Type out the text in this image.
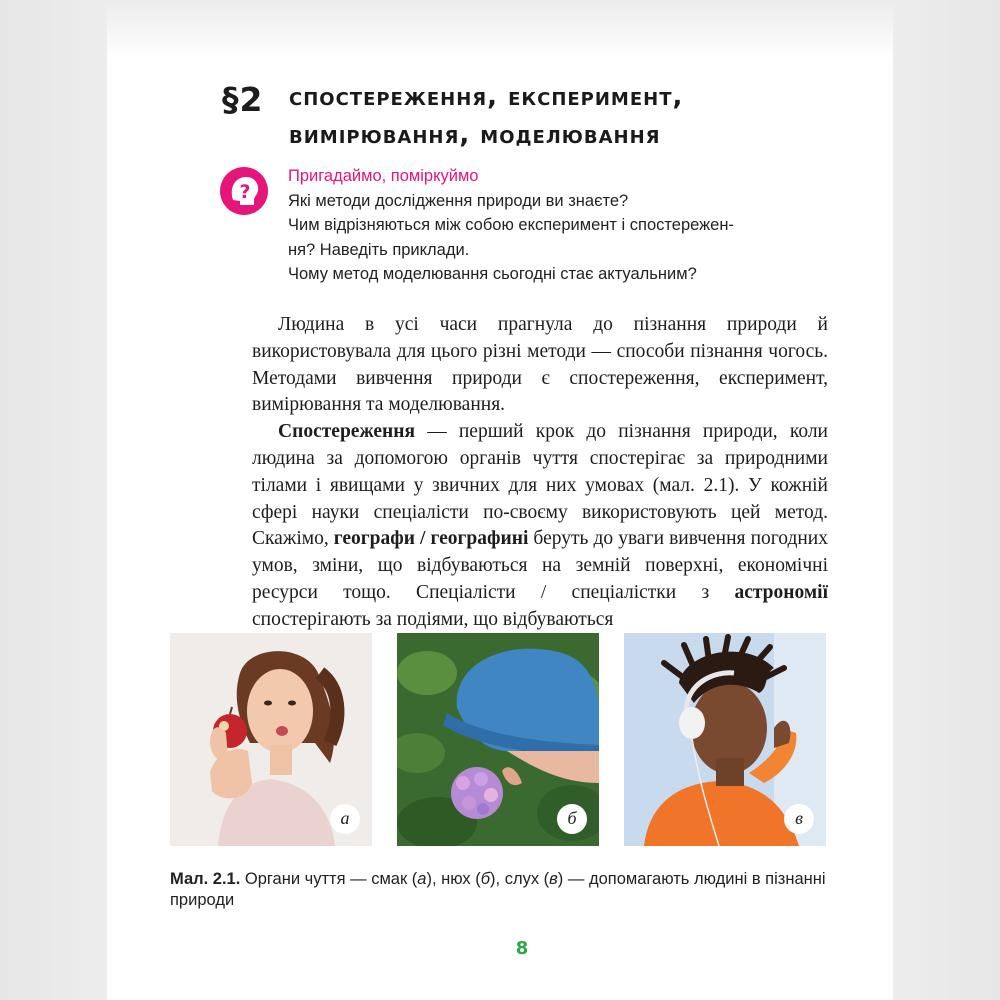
§2 спостереження, експеримент,
вимірювання, моделювання
?
Пригадаймо, поміркуймо
Які методи дослідження природи ви знаєте?
Чим відрізняються між собою експеримент і спостережен-
ня? Наведіть приклади.
Чому метод моделювання сьогодні стає актуальним?

Людина в усі часи прагнула до пізнання природи й використовувала для цього різні методи — способи пізнання чогось. Методами вивчення природи є спостереження, експеримент, вимірювання та моделювання.

Спостереження — перший крок до пізнання природи, коли людина за допомогою органів чуття спостерігає за природними тілами і явищами у звичних для них умовах (мал. 2.1). У кожній сфері науки спеціалісти по-своєму використовують цей метод. Скажімо, географи / географині беруть до уваги вивчення погодних умов, зміни, що відбуваються на земній поверхні, економічні ресурси тощо. Спеціалісти / спеціалістки з астрономії спостерігають за подіями, що відбуваються

а	б	в
Мал. 2.1. Органи чуття — смак (а), нюх (б), слух (в) — допомагають людині в пізнанні природи
8
